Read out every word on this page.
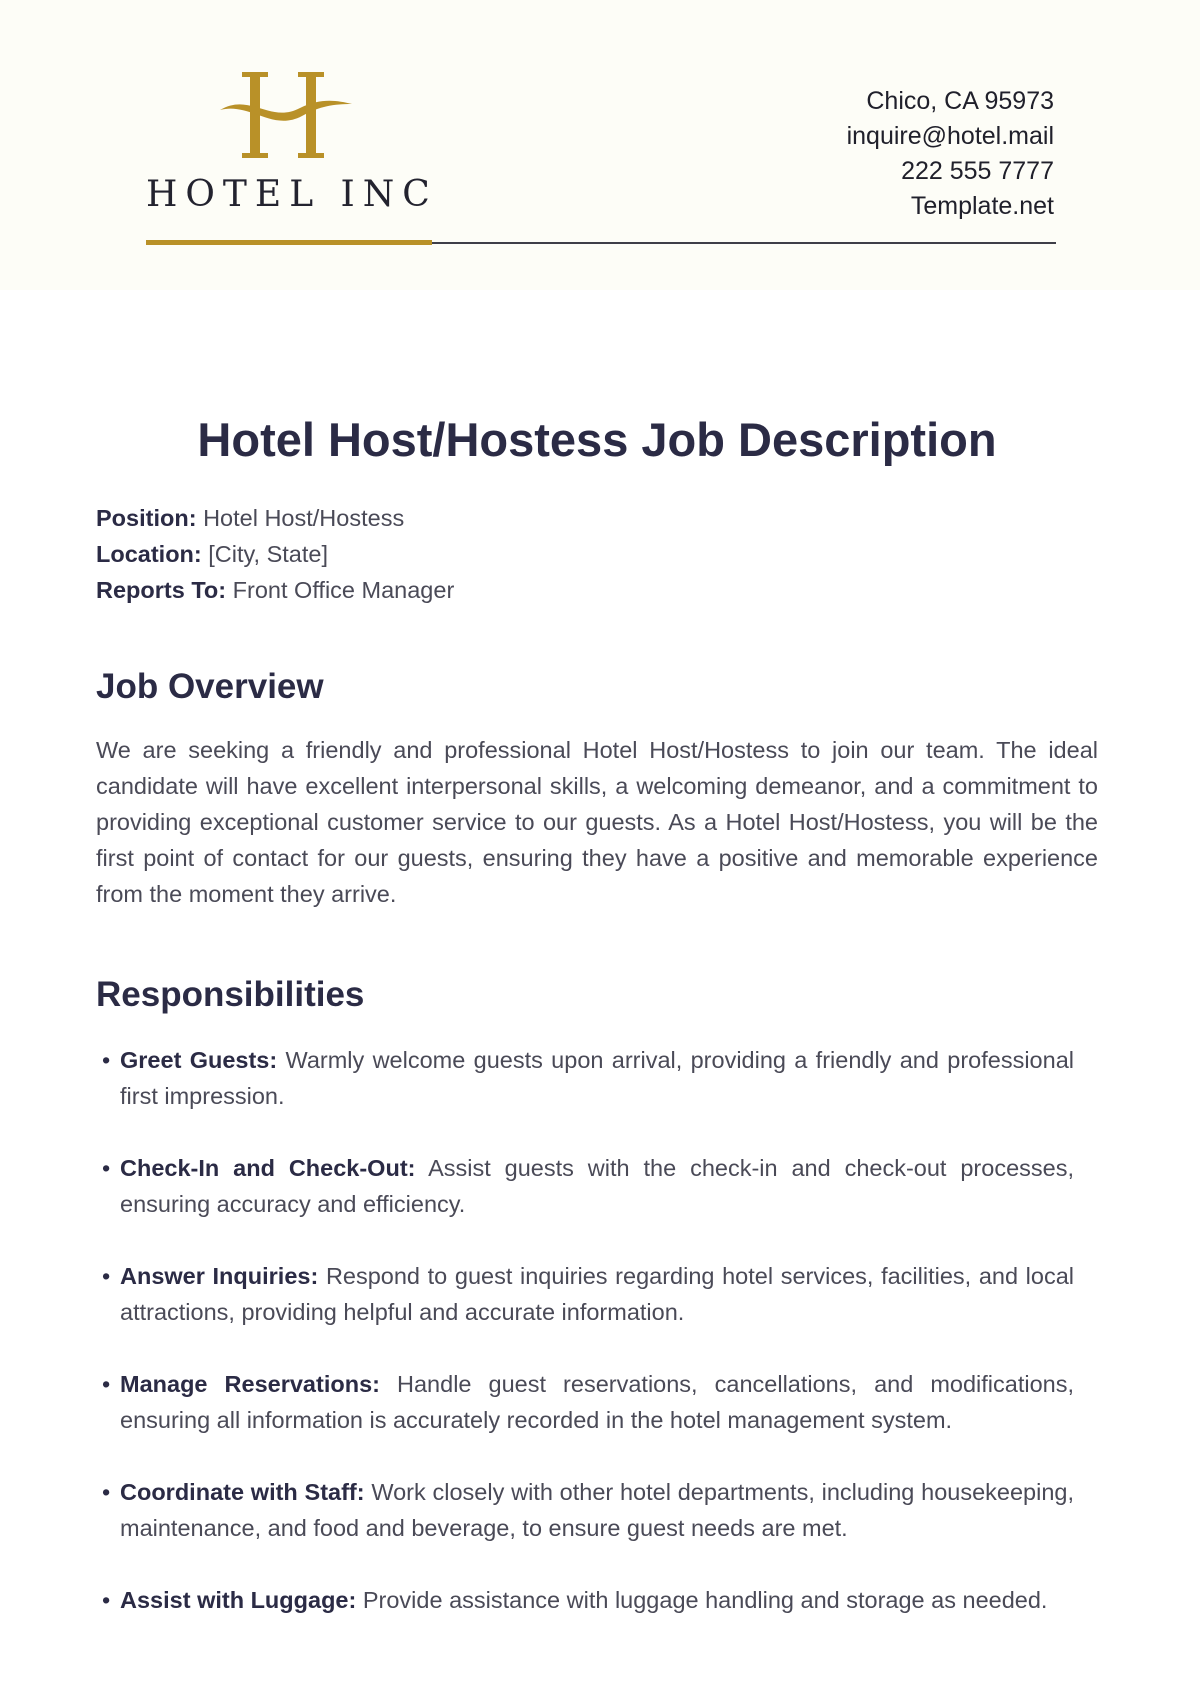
HOTEL INC
Chico, CA 95973
inquire@hotel.mail
222 555 7777
Template.net
Hotel Host/Hostess Job Description
Position: Hotel Host/Hostess
Location: [City, State]
Reports To: Front Office Manager
Job Overview

We are seeking a friendly and professional Hotel Host/Hostess to join our team. The ideal candidate will have excellent interpersonal skills, a welcoming demeanor, and a commitment to providing exceptional customer service to our guests. As a Hotel Host/Hostess, you will be the first point of contact for our guests, ensuring they have a positive and memorable experience from the moment they arrive.

Responsibilities
• Greet Guests: Warmly welcome guests upon arrival, providing a friendly and professional first impression.
• Check-In and Check-Out: Assist guests with the check-in and check-out processes, ensuring accuracy and efficiency.
• Answer Inquiries: Respond to guest inquiries regarding hotel services, facilities, and local attractions, providing helpful and accurate information.
• Manage Reservations: Handle guest reservations, cancellations, and modifications, ensuring all information is accurately recorded in the hotel management system.
• Coordinate with Staff: Work closely with other hotel departments, including housekeeping, maintenance, and food and beverage, to ensure guest needs are met.
• Assist with Luggage: Provide assistance with luggage handling and storage as needed.
